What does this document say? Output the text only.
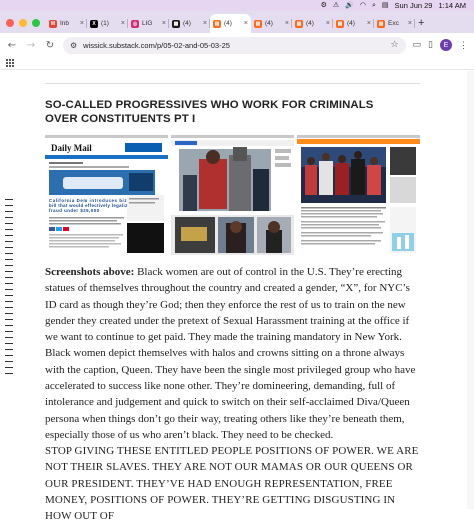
⚙ ⚠ 🔊 ◠ ⌕ ▤ Sun Jun 29 1:14 AM
M Inb	×	X (1)	×	◎ LIG	×	▦ (4)	×	▤ (4)	×	▤ (4)	×	▤ (4)	×	▤ (4)	×	▤ Exc	× +
← → ↻ ⚙ wissick.substack.com/p/05-02-and-05-03-25	☆ ▭ ▯	E	⋮
SO-CALLED PROGRESSIVES WHO WORK FOR CRIMINALS OVER CONSTITUENTS PT I
Daily Mail
California Dem introduces biz
bill that would effectively legaliz
fraud under $25,000

Screenshots above: Black women are out of control in the U.S. They’re erecting statues of themselves throughout the country and created a gender, “X”, for NYC’s ID card as though they’re God; then they enforce the rest of us to train on the new gender they created under the pretext of Sexual Harassment training at the office if we want to continue to get paid. They made the training mandatory in New York. Black women depict themselves with halos and crowns sitting on a throne always with the caption, Queen. They have been the single most privileged group who have accelerated to success like none other. They’re domineering, demanding, full of intolerance and judgement and quick to switch on their self-acclaimed Diva/Queen persona when things don’t go their way, treating others like they’re beneath them, especially those of us who aren’t black. They need to be checked.

STOP GIVING THESE ENTITLED PEOPLE POSITIONS OF POWER. WE ARE NOT THEIR SLAVES. THEY ARE NOT OUR MAMAS OR OUR QUEENS OR OUR PRESIDENT. THEY’VE HAD ENOUGH REPRESENTATION, FREE MONEY, POSITIONS OF POWER. THEY’RE GETTING DISGUSTING IN HOW OUT OF
